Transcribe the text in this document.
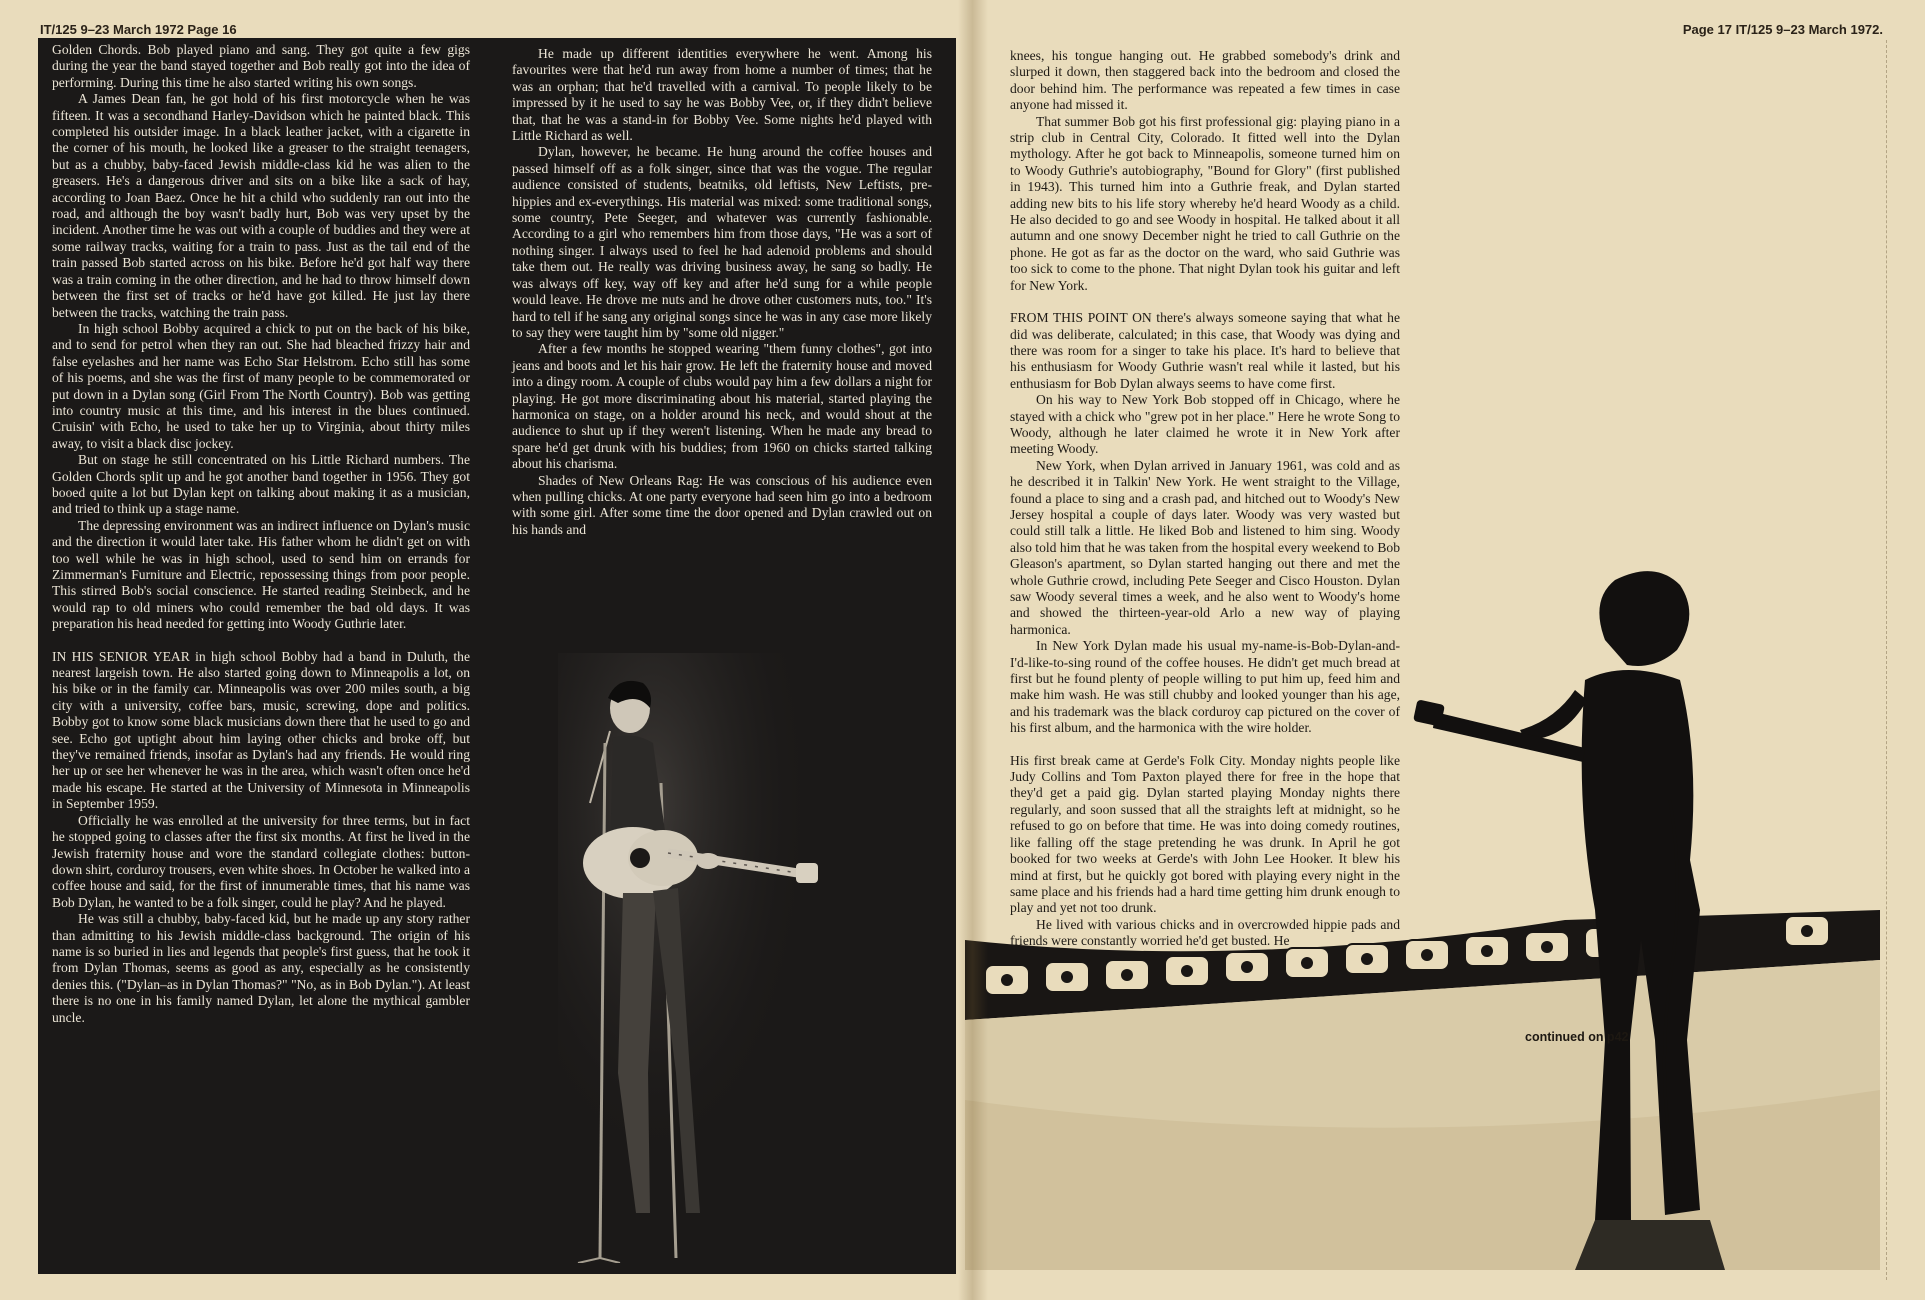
IT/125 9–23 March 1972 Page 16	Page 17 IT/125 9–23 March 1972.

Golden Chords. Bob played piano and sang. They got quite a few gigs during the year the band stayed together and Bob really got into the idea of performing. During this time he also started writing his own songs.

A James Dean fan, he got hold of his first motorcycle when he was fifteen. It was a secondhand Harley-Davidson which he painted black. This completed his outsider image. In a black leather jacket, with a cigarette in the corner of his mouth, he looked like a greaser to the straight teenagers, but as a chubby, baby-faced Jewish middle-class kid he was alien to the greasers. He's a dangerous driver and sits on a bike like a sack of hay, according to Joan Baez. Once he hit a child who suddenly ran out into the road, and although the boy wasn't badly hurt, Bob was very upset by the incident. Another time he was out with a couple of buddies and they were at some railway tracks, waiting for a train to pass. Just as the tail end of the train passed Bob started across on his bike. Before he'd got half way there was a train coming in the other direction, and he had to throw himself down between the first set of tracks or he'd have got killed. He just lay there between the tracks, watching the train pass.

In high school Bobby acquired a chick to put on the back of his bike, and to send for petrol when they ran out. She had bleached frizzy hair and false eyelashes and her name was Echo Star Helstrom. Echo still has some of his poems, and she was the first of many people to be commemorated or put down in a Dylan song (Girl From The North Country). Bob was getting into country music at this time, and his interest in the blues continued. Cruisin' with Echo, he used to take her up to Virginia, about thirty miles away, to visit a black disc jockey.

But on stage he still concentrated on his Little Richard numbers. The Golden Chords split up and he got another band together in 1956. They got booed quite a lot but Dylan kept on talking about making it as a musician, and tried to think up a stage name.

The depressing environment was an indirect influence on Dylan's music and the direction it would later take. His father whom he didn't get on with too well while he was in high school, used to send him on errands for Zimmerman's Furniture and Electric, repossessing things from poor people. This stirred Bob's social conscience. He started reading Steinbeck, and he would rap to old miners who could remember the bad old days. It was preparation his head needed for getting into Woody Guthrie later.

IN HIS SENIOR YEAR in high school Bobby had a band in Duluth, the nearest largeish town. He also started going down to Minneapolis a lot, on his bike or in the family car. Minneapolis was over 200 miles south, a big city with a university, coffee bars, music, screwing, dope and politics. Bobby got to know some black musicians down there that he used to go and see. Echo got uptight about him laying other chicks and broke off, but they've remained friends, insofar as Dylan's had any friends. He would ring her up or see her whenever he was in the area, which wasn't often once he'd made his escape. He started at the University of Minnesota in Minneapolis in September 1959.

Officially he was enrolled at the university for three terms, but in fact he stopped going to classes after the first six months. At first he lived in the Jewish fraternity house and wore the standard collegiate clothes: button-down shirt, corduroy trousers, even white shoes. In October he walked into a coffee house and said, for the first of innumerable times, that his name was Bob Dylan, he wanted to be a folk singer, could he play? And he played.

He was still a chubby, baby-faced kid, but he made up any story rather than admitting to his Jewish middle-class background. The origin of his name is so buried in lies and legends that people's first guess, that he took it from Dylan Thomas, seems as good as any, especially as he consistently denies this. ("Dylan–as in Dylan Thomas?" "No, as in Bob Dylan."). At least there is no one in his family named Dylan, let alone the mythical gambler uncle.

He made up different identities everywhere he went. Among his favourites were that he'd run away from home a number of times; that he was an orphan; that he'd travelled with a carnival. To people likely to be impressed by it he used to say he was Bobby Vee, or, if they didn't believe that, that he was a stand-in for Bobby Vee. Some nights he'd played with Little Richard as well.

Dylan, however, he became. He hung around the coffee houses and passed himself off as a folk singer, since that was the vogue. The regular audience consisted of students, beatniks, old leftists, New Leftists, pre-hippies and ex-everythings. His material was mixed: some traditional songs, some country, Pete Seeger, and whatever was currently fashionable. According to a girl who remembers him from those days, "He was a sort of nothing singer. I always used to feel he had adenoid problems and should take them out. He really was driving business away, he sang so badly. He was always off key, way off key and after he'd sung for a while people would leave. He drove me nuts and he drove other customers nuts, too." It's hard to tell if he sang any original songs since he was in any case more likely to say they were taught him by "some old nigger."

After a few months he stopped wearing "them funny clothes", got into jeans and boots and let his hair grow. He left the fraternity house and moved into a dingy room. A couple of clubs would pay him a few dollars a night for playing. He got more discriminating about his material, started playing the harmonica on stage, on a holder around his neck, and would shout at the audience to shut up if they weren't listening. When he made any bread to spare he'd get drunk with his buddies; from 1960 on chicks started talking about his charisma.

Shades of New Orleans Rag: He was conscious of his audience even when pulling chicks. At one party everyone had seen him go into a bedroom with some girl. After some time the door opened and Dylan crawled out on his hands and

knees, his tongue hanging out. He grabbed somebody's drink and slurped it down, then staggered back into the bedroom and closed the door behind him. The performance was repeated a few times in case anyone had missed it.

That summer Bob got his first professional gig: playing piano in a strip club in Central City, Colorado. It fitted well into the Dylan mythology. After he got back to Minneapolis, someone turned him on to Woody Guthrie's autobiography, "Bound for Glory" (first published in 1943). This turned him into a Guthrie freak, and Dylan started adding new bits to his life story whereby he'd heard Woody as a child. He also decided to go and see Woody in hospital. He talked about it all autumn and one snowy December night he tried to call Guthrie on the phone. He got as far as the doctor on the ward, who said Guthrie was too sick to come to the phone. That night Dylan took his guitar and left for New York.

FROM THIS POINT ON there's always someone saying that what he did was deliberate, calculated; in this case, that Woody was dying and there was room for a singer to take his place. It's hard to believe that his enthusiasm for Woody Guthrie wasn't real while it lasted, but his enthusiasm for Bob Dylan always seems to have come first.

On his way to New York Bob stopped off in Chicago, where he stayed with a chick who "grew pot in her place." Here he wrote Song to Woody, although he later claimed he wrote it in New York after meeting Woody.

New York, when Dylan arrived in January 1961, was cold and as he described it in Talkin' New York. He went straight to the Village, found a place to sing and a crash pad, and hitched out to Woody's New Jersey hospital a couple of days later. Woody was very wasted but could still talk a little. He liked Bob and listened to him sing. Woody also told him that he was taken from the hospital every weekend to Bob Gleason's apartment, so Dylan started hanging out there and met the whole Guthrie crowd, including Pete Seeger and Cisco Houston. Dylan saw Woody several times a week, and he also went to Woody's home and showed the thirteen-year-old Arlo a new way of playing harmonica.

In New York Dylan made his usual my-name-is-Bob-Dylan-and-I'd-like-to-sing round of the coffee houses. He didn't get much bread at first but he found plenty of people willing to put him up, feed him and make him wash. He was still chubby and looked younger than his age, and his trademark was the black corduroy cap pictured on the cover of his first album, and the harmonica with the wire holder.

His first break came at Gerde's Folk City. Monday nights people like Judy Collins and Tom Paxton played there for free in the hope that they'd get a paid gig. Dylan started playing Monday nights there regularly, and soon sussed that all the straights left at midnight, so he refused to go on before that time. He was into doing comedy routines, like falling off the stage pretending he was drunk. In April he got booked for two weeks at Gerde's with John Lee Hooker. It blew his mind at first, but he quickly got bored with playing every night in the same place and his friends had a hard time getting him drunk enough to play and yet not too drunk.

He lived with various chicks and in overcrowded hippie pads and friends were constantly worried he'd get busted. He

continued on p42
